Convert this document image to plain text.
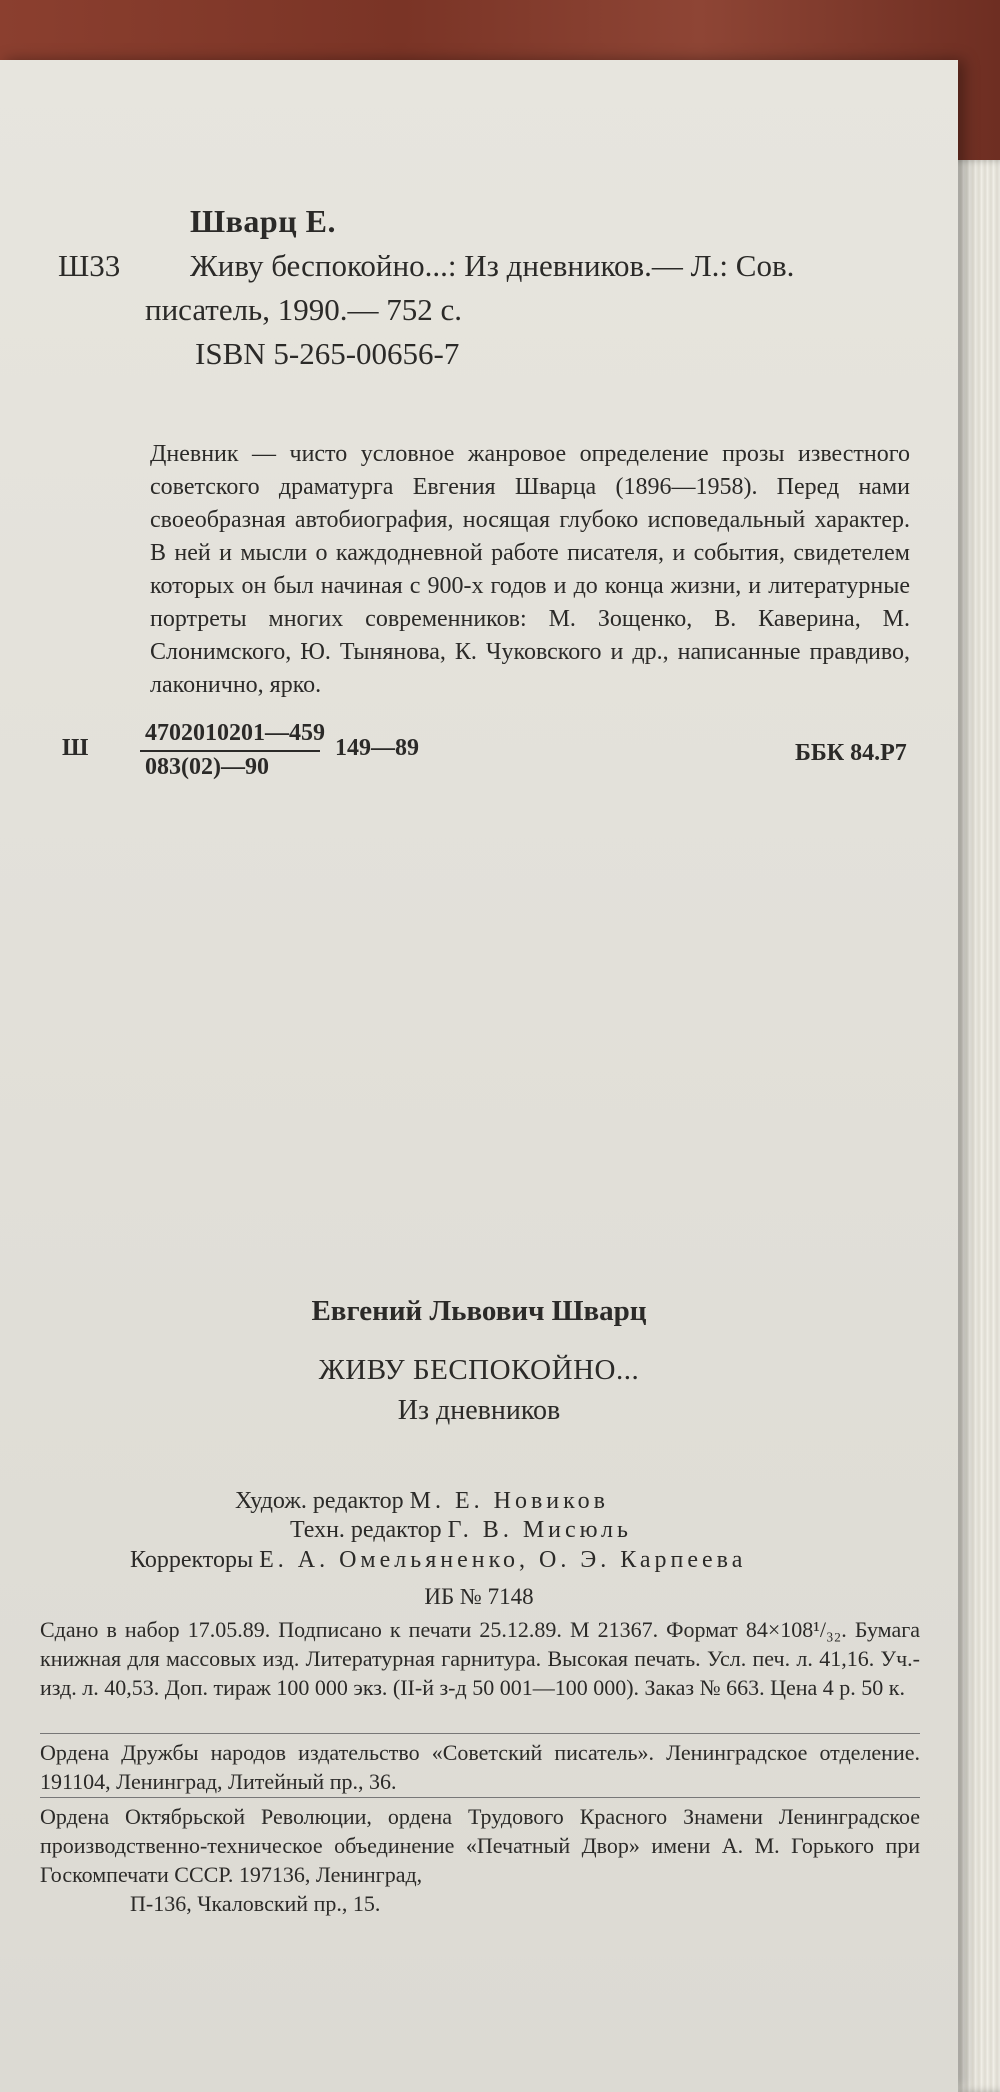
Шварц Е.
Ш33 Живу беспокойно...: Из дневников.— Л.: Сов.
писатель, 1990.— 752 с.
ISBN 5-265-00656-7

Дневник — чисто условное жанровое определение прозы известного советского драматурга Евгения Шварца (1896—1958). Перед нами своеобразная автобиография, носящая глубоко исповедальный характер. В ней и мысли о каждодневной работе писателя, и события, свидетелем которых он был начиная с 900-х годов и до конца жизни, и литературные портреты многих современников: М. Зощенко, В. Каверина, М. Слонимского, Ю. Тынянова, К. Чуковского и др., написанные правдиво, лаконично, ярко.

Ш
4702010201—459
083(02)—90
149—89	ББК 84.Р7
Евгений Львович Шварц
ЖИВУ БЕСПОКОЙНО...
Из дневников
Худож. редактор М. Е. Новиков
Техн. редактор Г. В. Мисюль
Корректоры Е. А. Омельяненко, О. Э. Карпеева
ИБ № 7148

Сдано в набор 17.05.89. Подписано к печати 25.12.89. М 21367. Формат 84×108¹/₃₂. Бумага книжная для массовых изд. Литературная гарнитура. Высокая печать. Усл. печ. л. 41,16. Уч.-изд. л. 40,53. Доп. тираж 100 000 экз. (II-й з-д 50 001—100 000). Заказ № 663. Цена 4 р. 50 к.

Ордена Дружбы народов издательство «Советский писатель». Ленинградское отделение. 191104, Ленинград, Литейный пр., 36.

Ордена Октябрьской Революции, ордена Трудового Красного Знамени Ленинградское производственно-техническое объединение «Печатный Двор» имени А. М. Горького при Госкомпечати СССР. 197136, Ленинград,

П-136, Чкаловский пр., 15.
